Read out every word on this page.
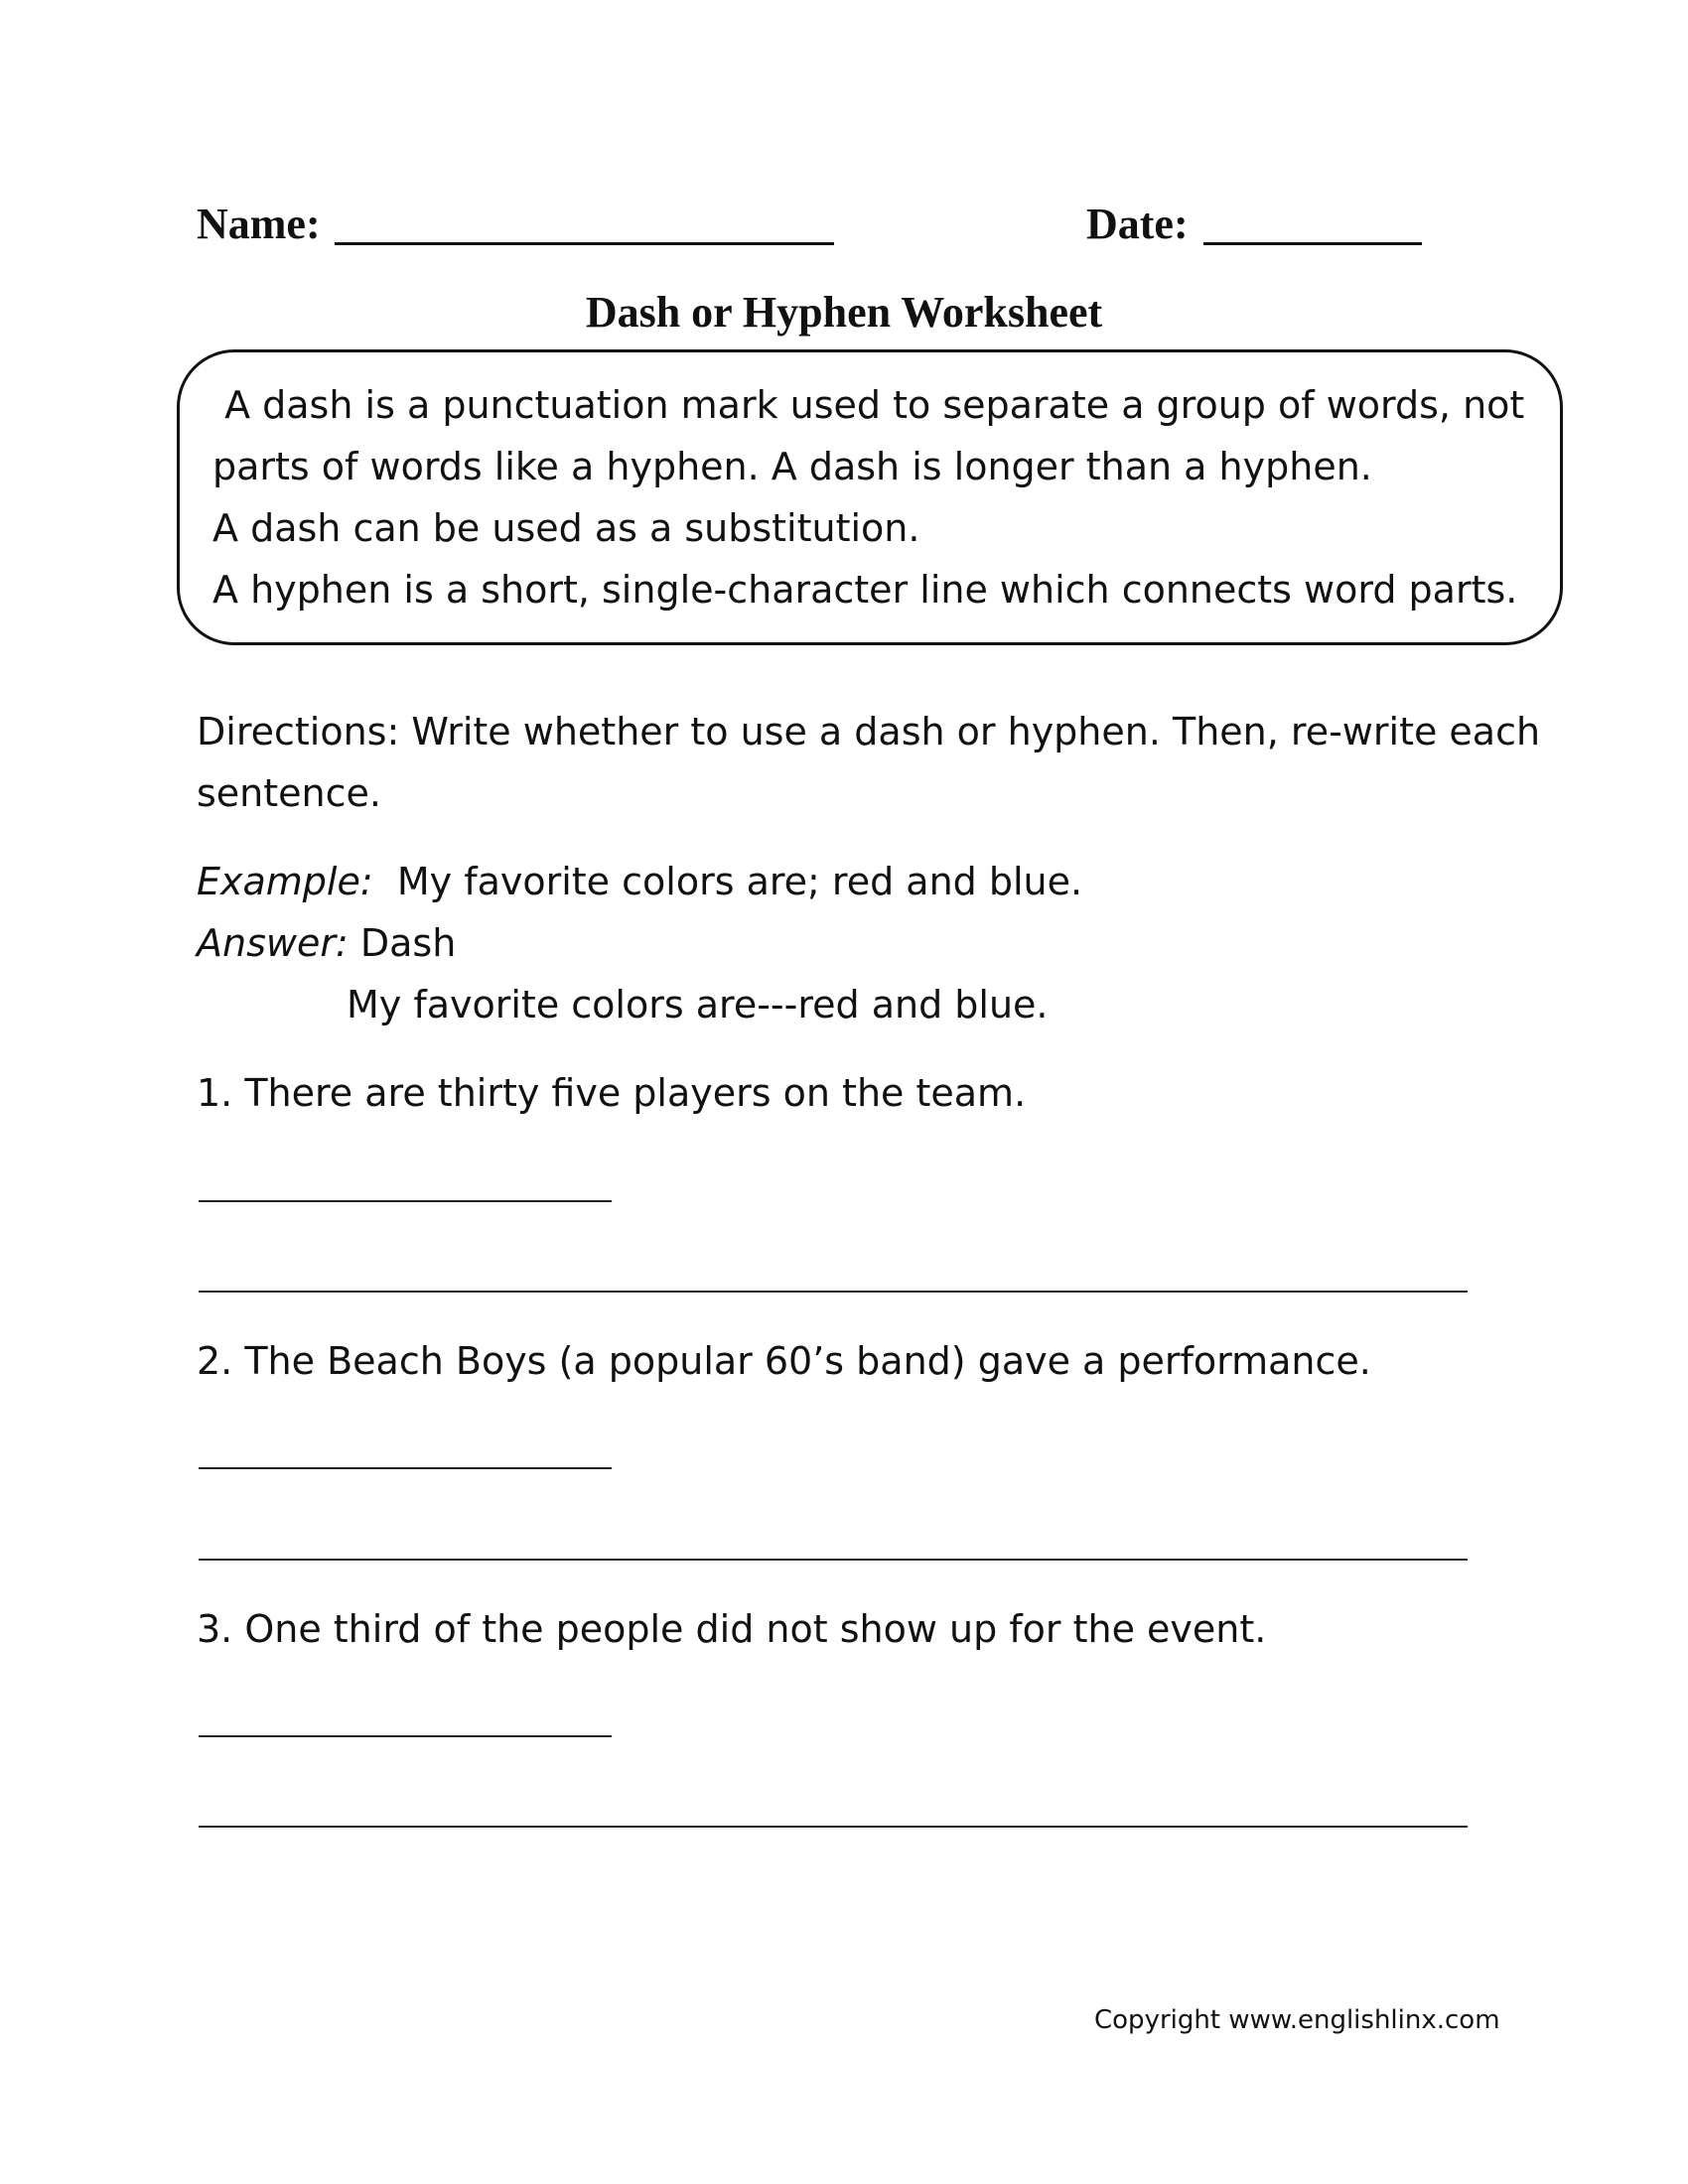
Name:	Date:
Dash or Hyphen Worksheet
A dash is a punctuation mark used to separate a group of words, not
parts of words like a hyphen. A dash is longer than a hyphen.
A dash can be used as a substitution.
A hyphen is a short, single-character line which connects word parts.
Directions: Write whether to use a dash or hyphen. Then, re-write each
sentence.
Example: My favorite colors are; red and blue.
Answer: Dash
My favorite colors are---red and blue.
1. There are thirty five players on the team.
2. The Beach Boys (a popular 60’s band) gave a performance.
3. One third of the people did not show up for the event.
Copyright www.englishlinx.com
